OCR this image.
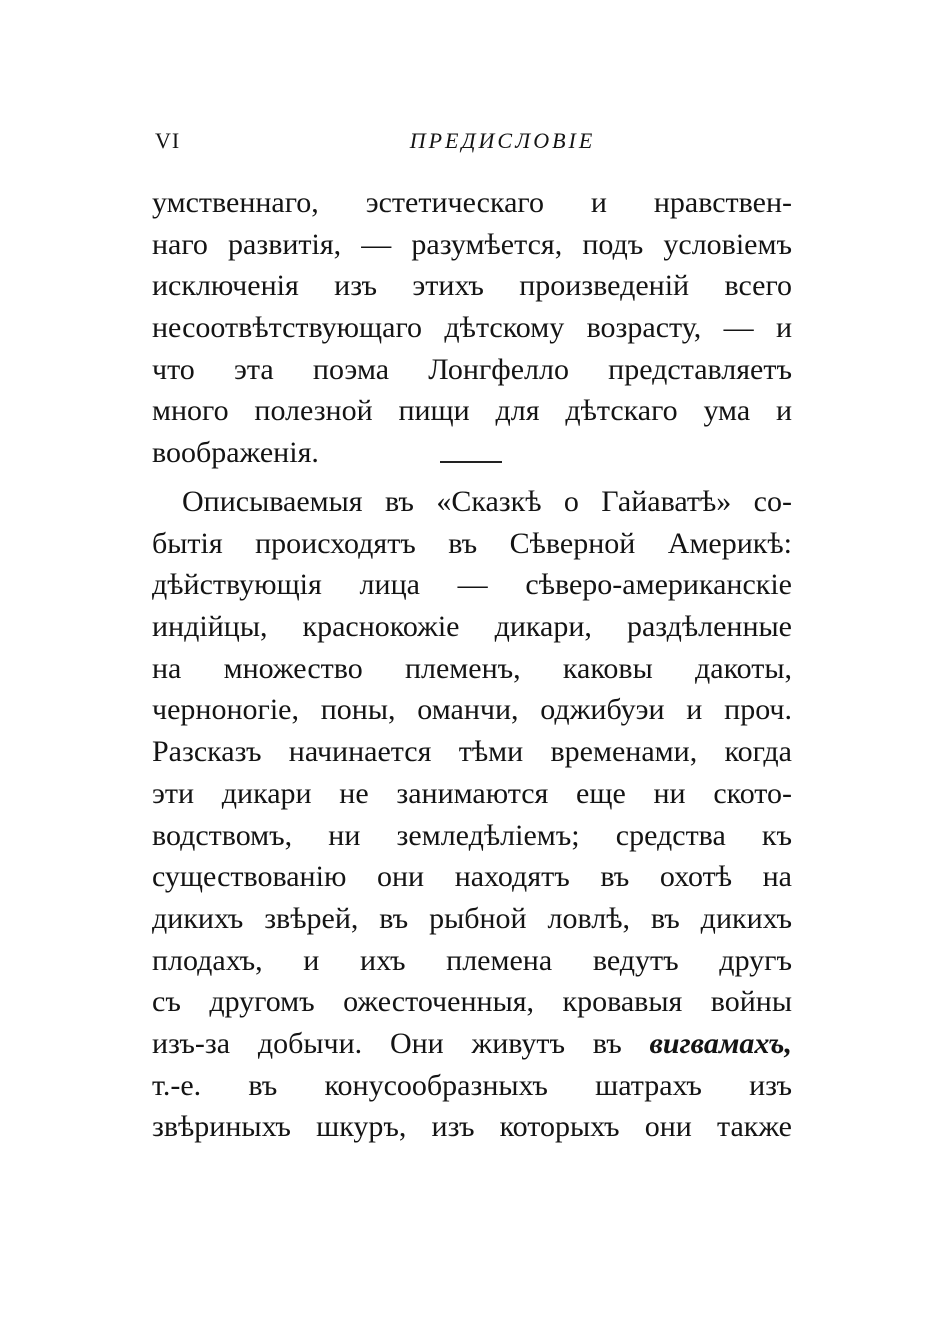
VI	ПРЕДИСЛОВІЕ
умственнаго, эстетическаго и нравствен-
наго развитія, — разумѣется, подъ условіемъ
исключенія изъ этихъ произведеній всего
несоотвѣтствующаго дѣтскому возрасту, — и
что эта поэма Лонгфелло представляетъ
много полезной пищи для дѣтскаго ума и
воображенія.
Описываемыя въ «Сказкѣ о Гайаватѣ» со-
бытія происходятъ въ Сѣверной Америкѣ:
дѣйствующія лица — сѣверо-американскіе
индійцы, краснокожіе дикари, раздѣленные
на множество племенъ, каковы дакоты,
черноногіе, поны, оманчи, оджибуэи и проч.
Разсказъ начинается тѣми временами, когда
эти дикари не занимаются еще ни ското-
водствомъ, ни земледѣліемъ; средства къ
существованію они находятъ въ охотѣ на
дикихъ звѣрей, въ рыбной ловлѣ, въ дикихъ
плодахъ, и ихъ племена ведутъ другъ
съ другомъ ожесточенныя, кровавыя войны
изъ-за добычи. Они живутъ въ вигвамахъ,
т.-е. въ конусообразныхъ шатрахъ изъ
звѣриныхъ шкуръ, изъ которыхъ они также
